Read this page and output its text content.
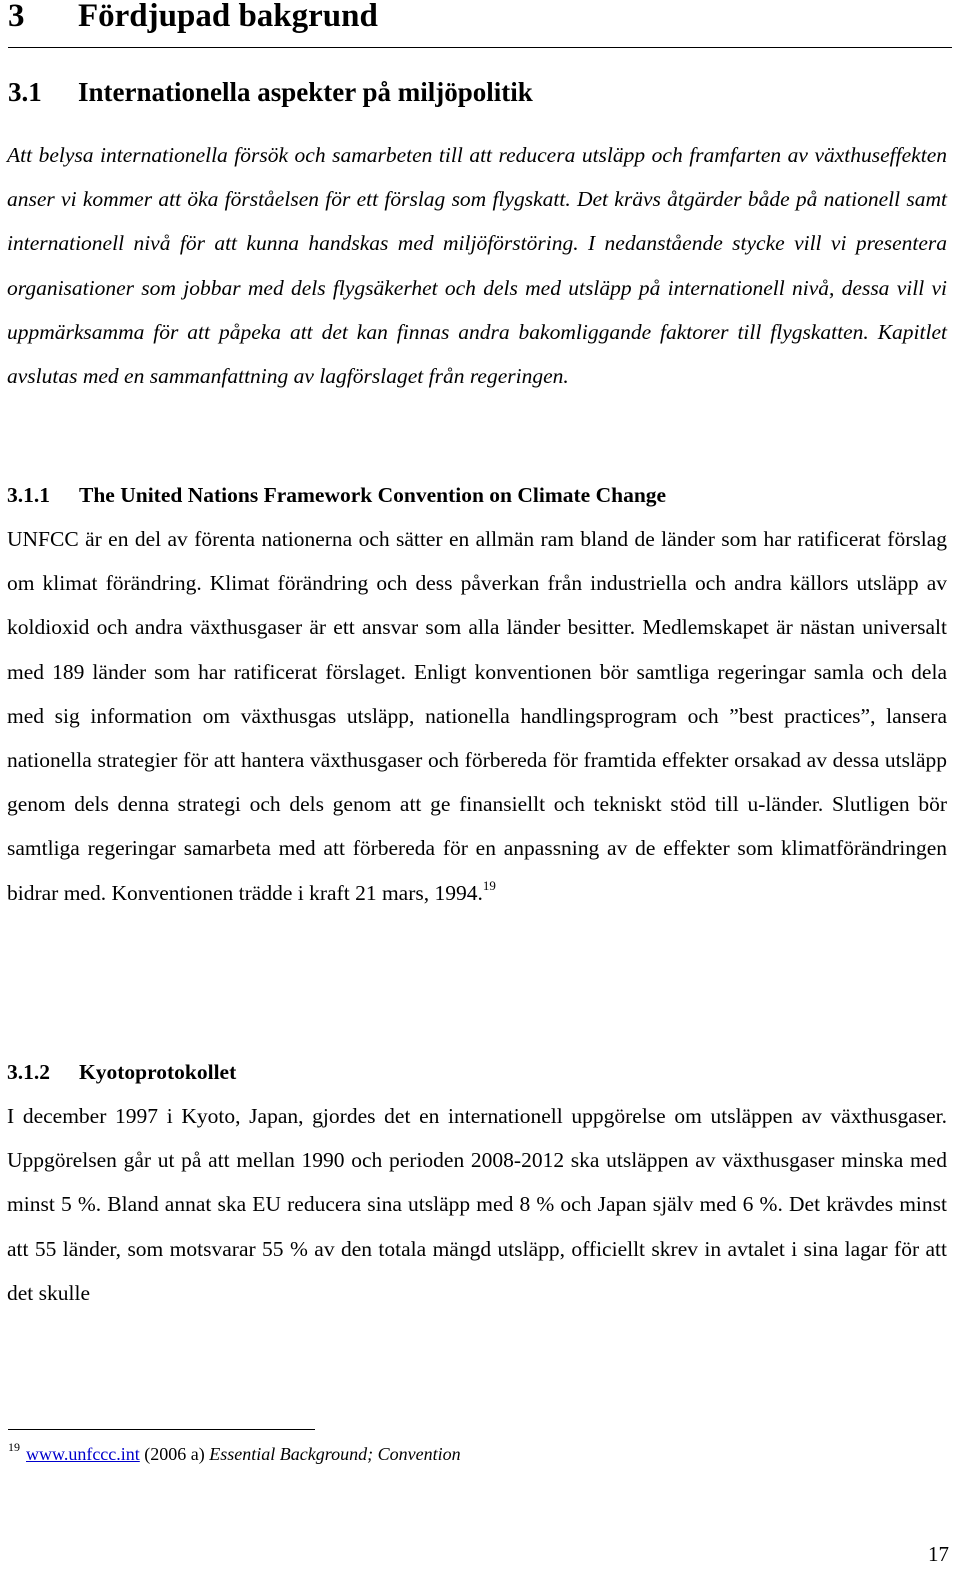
3 Fördjupad bakgrund
3.1 Internationella aspekter på miljöpolitik

Att belysa internationella försök och samarbeten till att reducera utsläpp och framfarten av växthuseffekten anser vi kommer att öka förståelsen för ett förslag som flygskatt. Det krävs åtgärder både på nationell samt internationell nivå för att kunna handskas med miljöförstöring. I nedanstående stycke vill vi presentera organisationer som jobbar med dels flygsäkerhet och dels med utsläpp på internationell nivå, dessa vill vi uppmärksamma för att påpeka att det kan finnas andra bakomliggande faktorer till flygskatten. Kapitlet avslutas med en sammanfattning av lagförslaget från regeringen.

3.1.1 The United Nations Framework Convention on Climate Change

UNFCC är en del av förenta nationerna och sätter en allmän ram bland de länder som har ratificerat förslag om klimat förändring. Klimat förändring och dess påverkan från industriella och andra källors utsläpp av koldioxid och andra växthusgaser är ett ansvar som alla länder besitter. Medlemskapet är nästan universalt med 189 länder som har ratificerat förslaget. Enligt konventionen bör samtliga regeringar samla och dela med sig information om växthusgas utsläpp, nationella handlingsprogram och ”best practices”, lansera nationella strategier för att hantera växthusgaser och förbereda för framtida effekter orsakad av dessa utsläpp genom dels denna strategi och dels genom att ge finansiellt och tekniskt stöd till u-länder. Slutligen bör samtliga regeringar samarbeta med att förbereda för en anpassning av de effekter som klimatförändringen bidrar med. Konventionen trädde i kraft 21 mars, 1994.19

3.1.2 Kyotoprotokollet

I december 1997 i Kyoto, Japan, gjordes det en internationell uppgörelse om utsläppen av växthusgaser. Uppgörelsen går ut på att mellan 1990 och perioden 2008-2012 ska utsläppen av växthusgaser minska med minst 5 %. Bland annat ska EU reducera sina utsläpp med 8 % och Japan själv med 6 %. Det krävdes minst att 55 länder, som motsvarar 55 % av den totala mängd utsläpp, officiellt skrev in avtalet i sina lagar för att det skulle

$^{19}$ www.unfccc.int (2006 a) Essential Background; Convention

17
